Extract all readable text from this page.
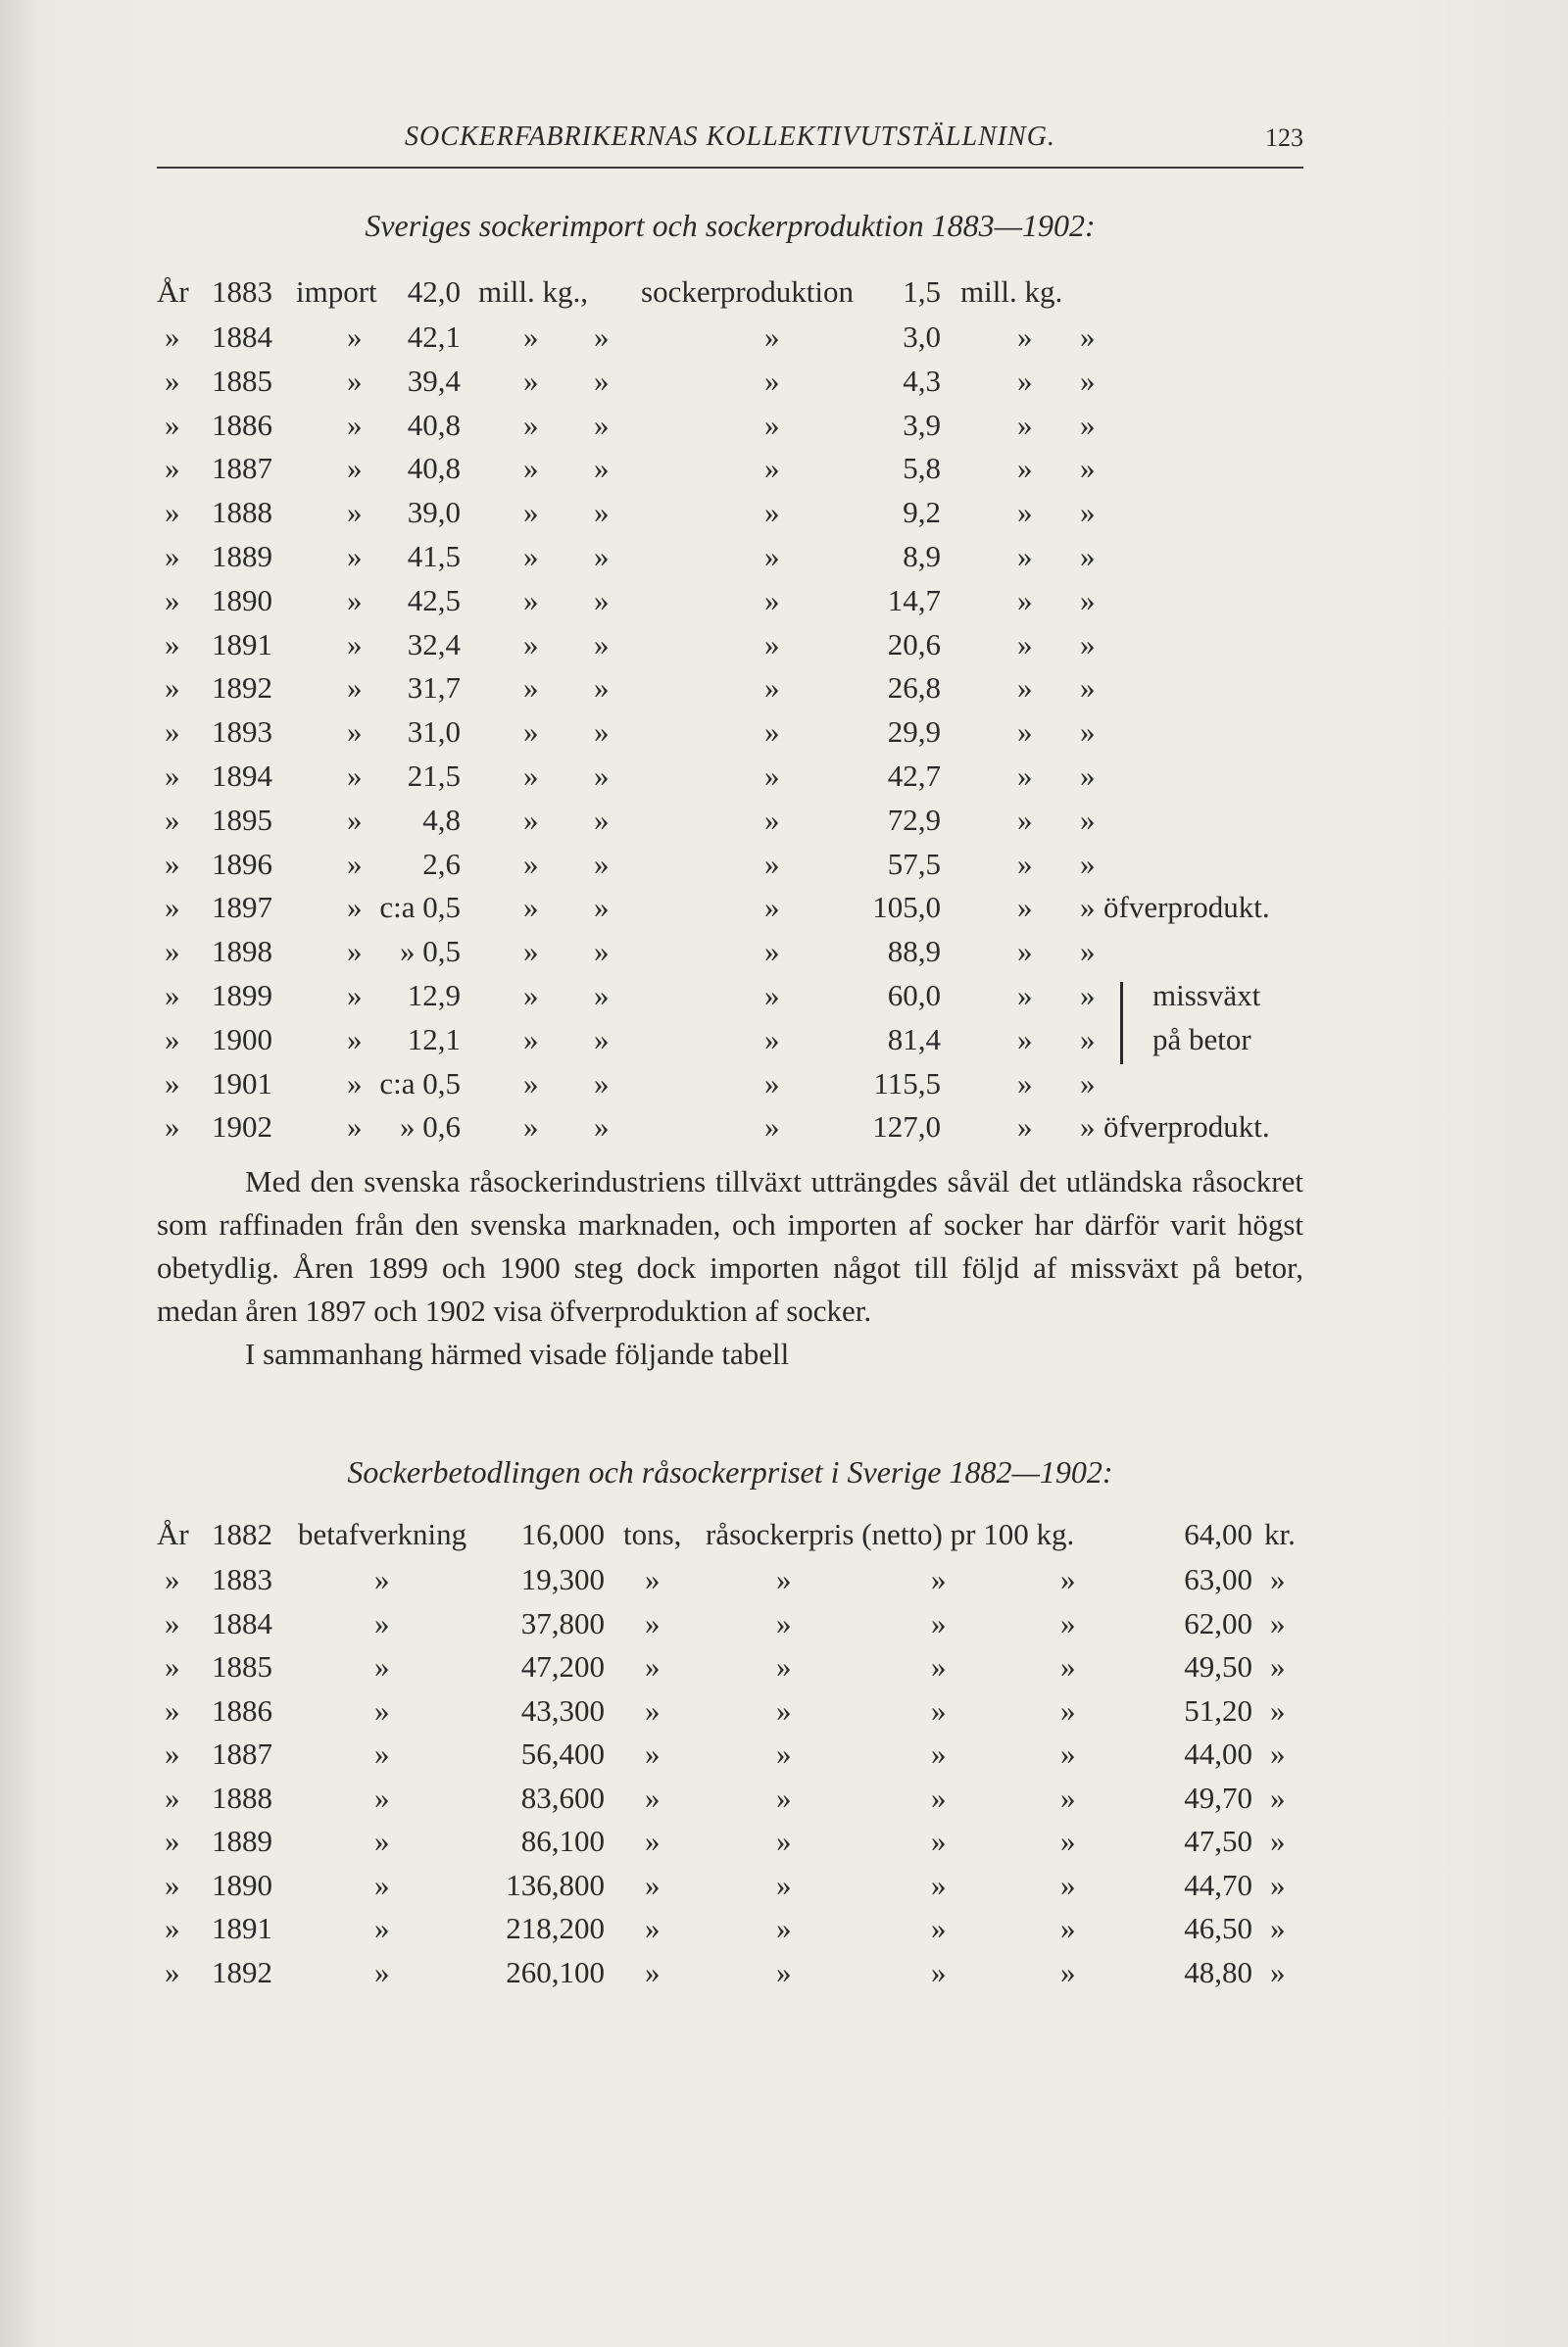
SOCKERFABRIKERNAS KOLLEKTIVUTSTÄLLNING.	123
Sveriges sockerimport och sockerproduktion 1883—1902:
År 1883 import 42,0 mill. kg., sockerproduktion 1,5 mill. kg.
» 1884 » 42,1 » »	»	3,0	» »
» 1885 » 39,4 » »	»	4,3	» »
» 1886 » 40,8 » »	»	3,9	» »
» 1887 » 40,8 » »	»	5,8	» »
» 1888 » 39,0 » »	»	9,2	» »
» 1889 » 41,5 » »	»	8,9	» »
» 1890 » 42,5 » »	»	14,7	» »
» 1891 » 32,4 » »	»	20,6	» »
» 1892 » 31,7 » »	»	26,8	» »
» 1893 » 31,0 » »	»	29,9	» »
» 1894 » 21,5 » »	»	42,7	» »
» 1895 » 4,8 » »	»	72,9	» »
» 1896 » 2,6 » »	»	57,5	» »
» 1897 » c:a 0,5 » »	»	105,0	» » öfverprodukt.
» 1898 » » 0,5 » »	»	88,9	» »
» 1899 » 12,9 » »	»	60,0	» » missväxt
» 1900 » 12,1 » »	»	81,4	» » på betor
» 1901 » c:a 0,5 » »	»	115,5	» »
» 1902 » » 0,6 » »	»	127,0	» » öfverprodukt.

Med den svenska råsockerindustriens tillväxt utträngdes såväl det utländska råsockret som raffinaden från den svenska marknaden, och importen af socker har därför varit högst obetydlig. Åren 1899 och 1900 steg dock importen något till följd af missväxt på betor, medan åren 1897 och 1902 visa öfverproduktion af socker.

I sammanhang härmed visade följande tabell

Sockerbetodlingen och råsockerpriset i Sverige 1882—1902:
År 1882 betafverkning 16,000 tons, råsockerpris (netto) pr 100 kg.	64,00 kr.
» 1883	»	19,300 »	»	»	»	63,00 »
» 1884	»	37,800 »	»	»	»	62,00 »
» 1885	»	47,200 »	»	»	»	49,50 »
» 1886	»	43,300 »	»	»	»	51,20 »
» 1887	»	56,400 »	»	»	»	44,00 »
» 1888	»	83,600 »	»	»	»	49,70 »
» 1889	»	86,100 »	»	»	»	47,50 »
» 1890	»	136,800 »	»	»	»	44,70 »
» 1891	»	218,200 »	»	»	»	46,50 »
» 1892	»	260,100 »	»	»	»	48,80 »
